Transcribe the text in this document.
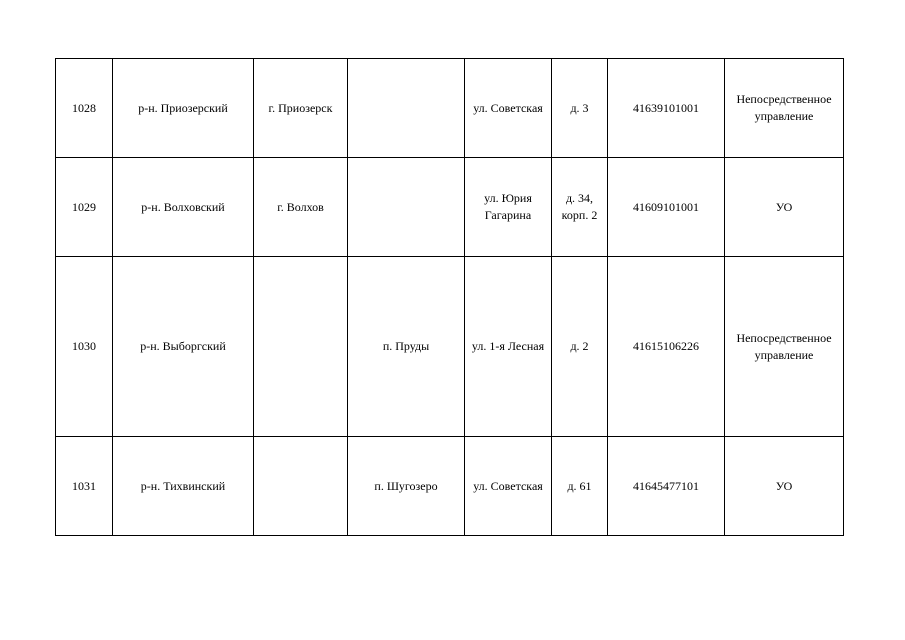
1028	р-н. Приозерский	г. Приозерск		ул. Советская	д. 3	41639101001	Непосредственное управление
1029	р-н. Волховский	г. Волхов		ул. Юрия Гагарина	д. 34, корп. 2	41609101001	УО
1030	р-н. Выборгский		п. Пруды	ул. 1-я Лесная	д. 2	41615106226	Непосредственное управление
1031	р-н. Тихвинский		п. Шугозеро	ул. Советская	д. 61	41645477101	УО
